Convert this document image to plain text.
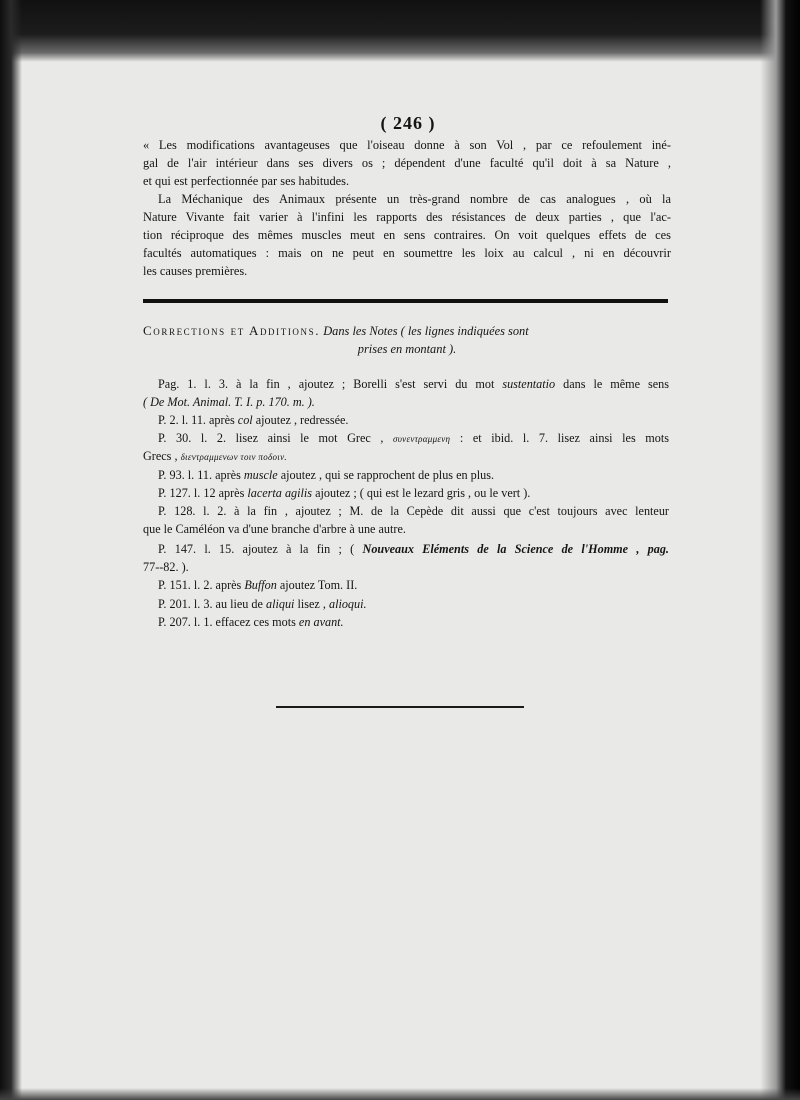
( 246 )
« Les modifications avantageuses que l'oiseau donne à son Vol , par ce refoulement iné-
gal de l'air intérieur dans ses divers os ; dépendent d'une faculté qu'il doit à sa Nature ,
et qui est perfectionnée par ses habitudes.
La Méchanique des Animaux présente un très-grand nombre de cas analogues , où la
Nature Vivante fait varier à l'infini les rapports des résistances de deux parties , que l'ac-
tion réciproque des mêmes muscles meut en sens contraires. On voit quelques effets de ces
facultés automatiques : mais on ne peut en soumettre les loix au calcul , ni en découvrir
les causes premières.
Corrections et Additions. Dans les Notes ( les lignes indiquées sont
prises en montant ).
Pag. 1. l. 3. à la fin , ajoutez ; Borelli s'est servi du mot sustentatio dans le même sens
( De Mot. Animal. T. I. p. 170. m. ).
P. 2. l. 11. après col ajoutez , redressée.
P. 30. l. 2. lisez ainsi le mot Grec , συνεντραμμενη : et ibid. l. 7. lisez ainsi les mots
Grecs , διεντραμμενων τοιν ποδοιν.
P. 93. l. 11. après muscle ajoutez , qui se rapprochent de plus en plus.
P. 127. l. 12 après lacerta agilis ajoutez ; ( qui est le lezard gris , ou le vert ).
P. 128. l. 2. à la fin , ajoutez ; M. de la Cepède dit aussi que c'est toujours avec lenteur
que le Caméléon va d'une branche d'arbre à une autre.
P. 147. l. 15. ajoutez à la fin ; ( Nouveaux Eléments de la Science de l'Homme , pag.
77--82. ).
P. 151. l. 2. après Buffon ajoutez Tom. II.
P. 201. l. 3. au lieu de aliqui lisez , alioqui.
P. 207. l. 1. effacez ces mots en avant.
